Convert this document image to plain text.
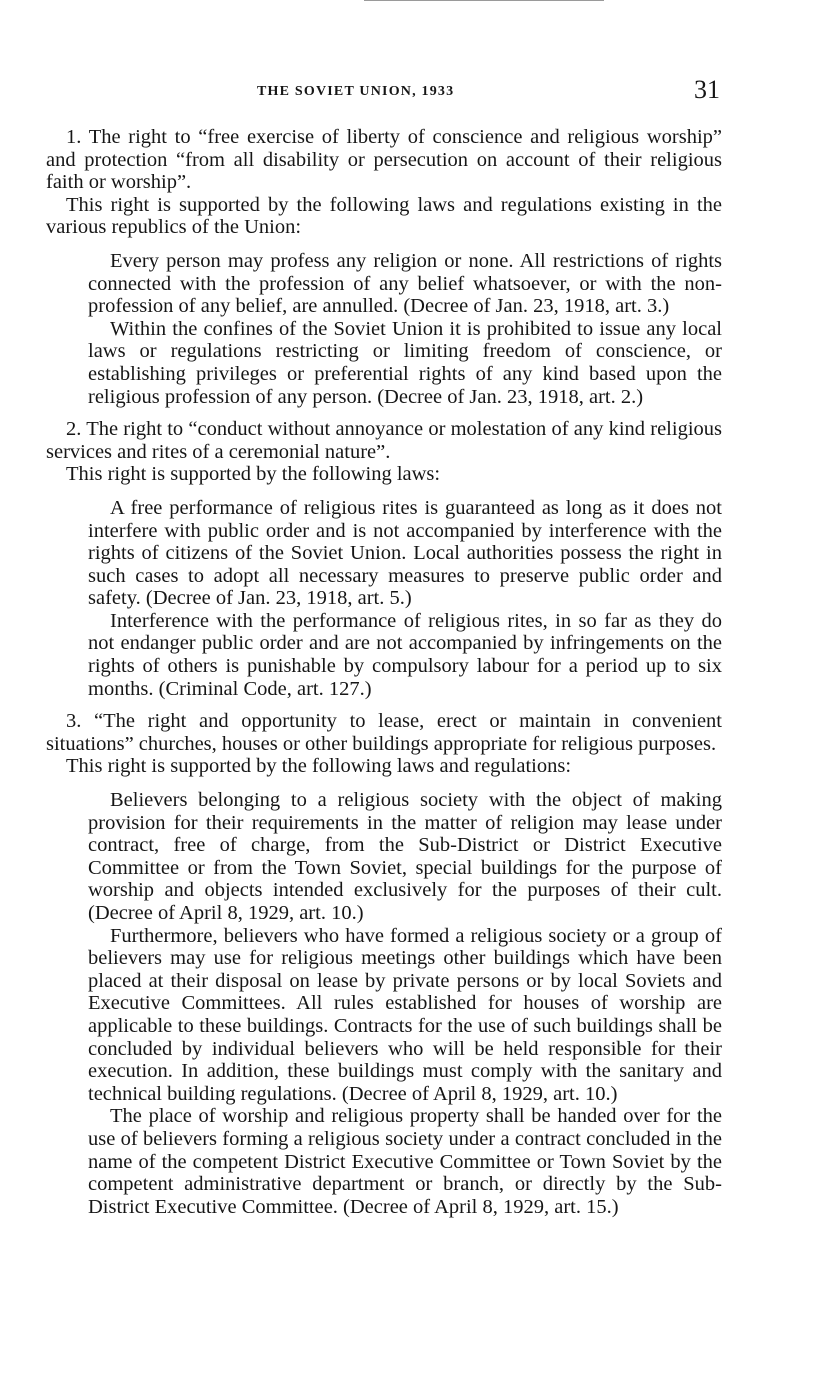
THE SOVIET UNION, 1933	31

1. The right to “free exercise of liberty of conscience and religious worship” and protection “from all disability or persecution on account of their religious faith or worship”.

This right is supported by the following laws and regulations existing in the various republics of the Union:

Every person may profess any religion or none. All restrictions of rights connected with the profession of any belief whatsoever, or with the non-profession of any belief, are annulled. (Decree of Jan. 23, 1918, art. 3.)

Within the confines of the Soviet Union it is prohibited to issue any local laws or regulations restricting or limiting freedom of conscience, or establishing privileges or preferential rights of any kind based upon the religious profession of any person. (Decree of Jan. 23, 1918, art. 2.)

2. The right to “conduct without annoyance or molestation of any kind religious services and rites of a ceremonial nature”.

This right is supported by the following laws:

A free performance of religious rites is guaranteed as long as it does not interfere with public order and is not accompanied by interference with the rights of citizens of the Soviet Union. Local authorities possess the right in such cases to adopt all necessary measures to preserve public order and safety. (Decree of Jan. 23, 1918, art. 5.)

Interference with the performance of religious rites, in so far as they do not endanger public order and are not accompanied by infringements on the rights of others is punishable by compulsory labour for a period up to six months. (Criminal Code, art. 127.)

3. “The right and opportunity to lease, erect or maintain in convenient situations” churches, houses or other buildings appropriate for religious purposes.

This right is supported by the following laws and regulations:

Believers belonging to a religious society with the object of making provision for their requirements in the matter of religion may lease under contract, free of charge, from the Sub-District or District Executive Committee or from the Town Soviet, special buildings for the purpose of worship and objects intended exclusively for the purposes of their cult. (Decree of April 8, 1929, art. 10.)

Furthermore, believers who have formed a religious society or a group of believers may use for religious meetings other buildings which have been placed at their disposal on lease by private persons or by local Soviets and Executive Committees. All rules established for houses of worship are applicable to these buildings. Contracts for the use of such buildings shall be concluded by individual believers who will be held responsible for their execution. In addition, these buildings must comply with the sanitary and technical building regulations. (Decree of April 8, 1929, art. 10.)

The place of worship and religious property shall be handed over for the use of believers forming a religious society under a contract concluded in the name of the competent District Executive Committee or Town Soviet by the competent administrative department or branch, or directly by the Sub-District Executive Committee. (Decree of April 8, 1929, art. 15.)
